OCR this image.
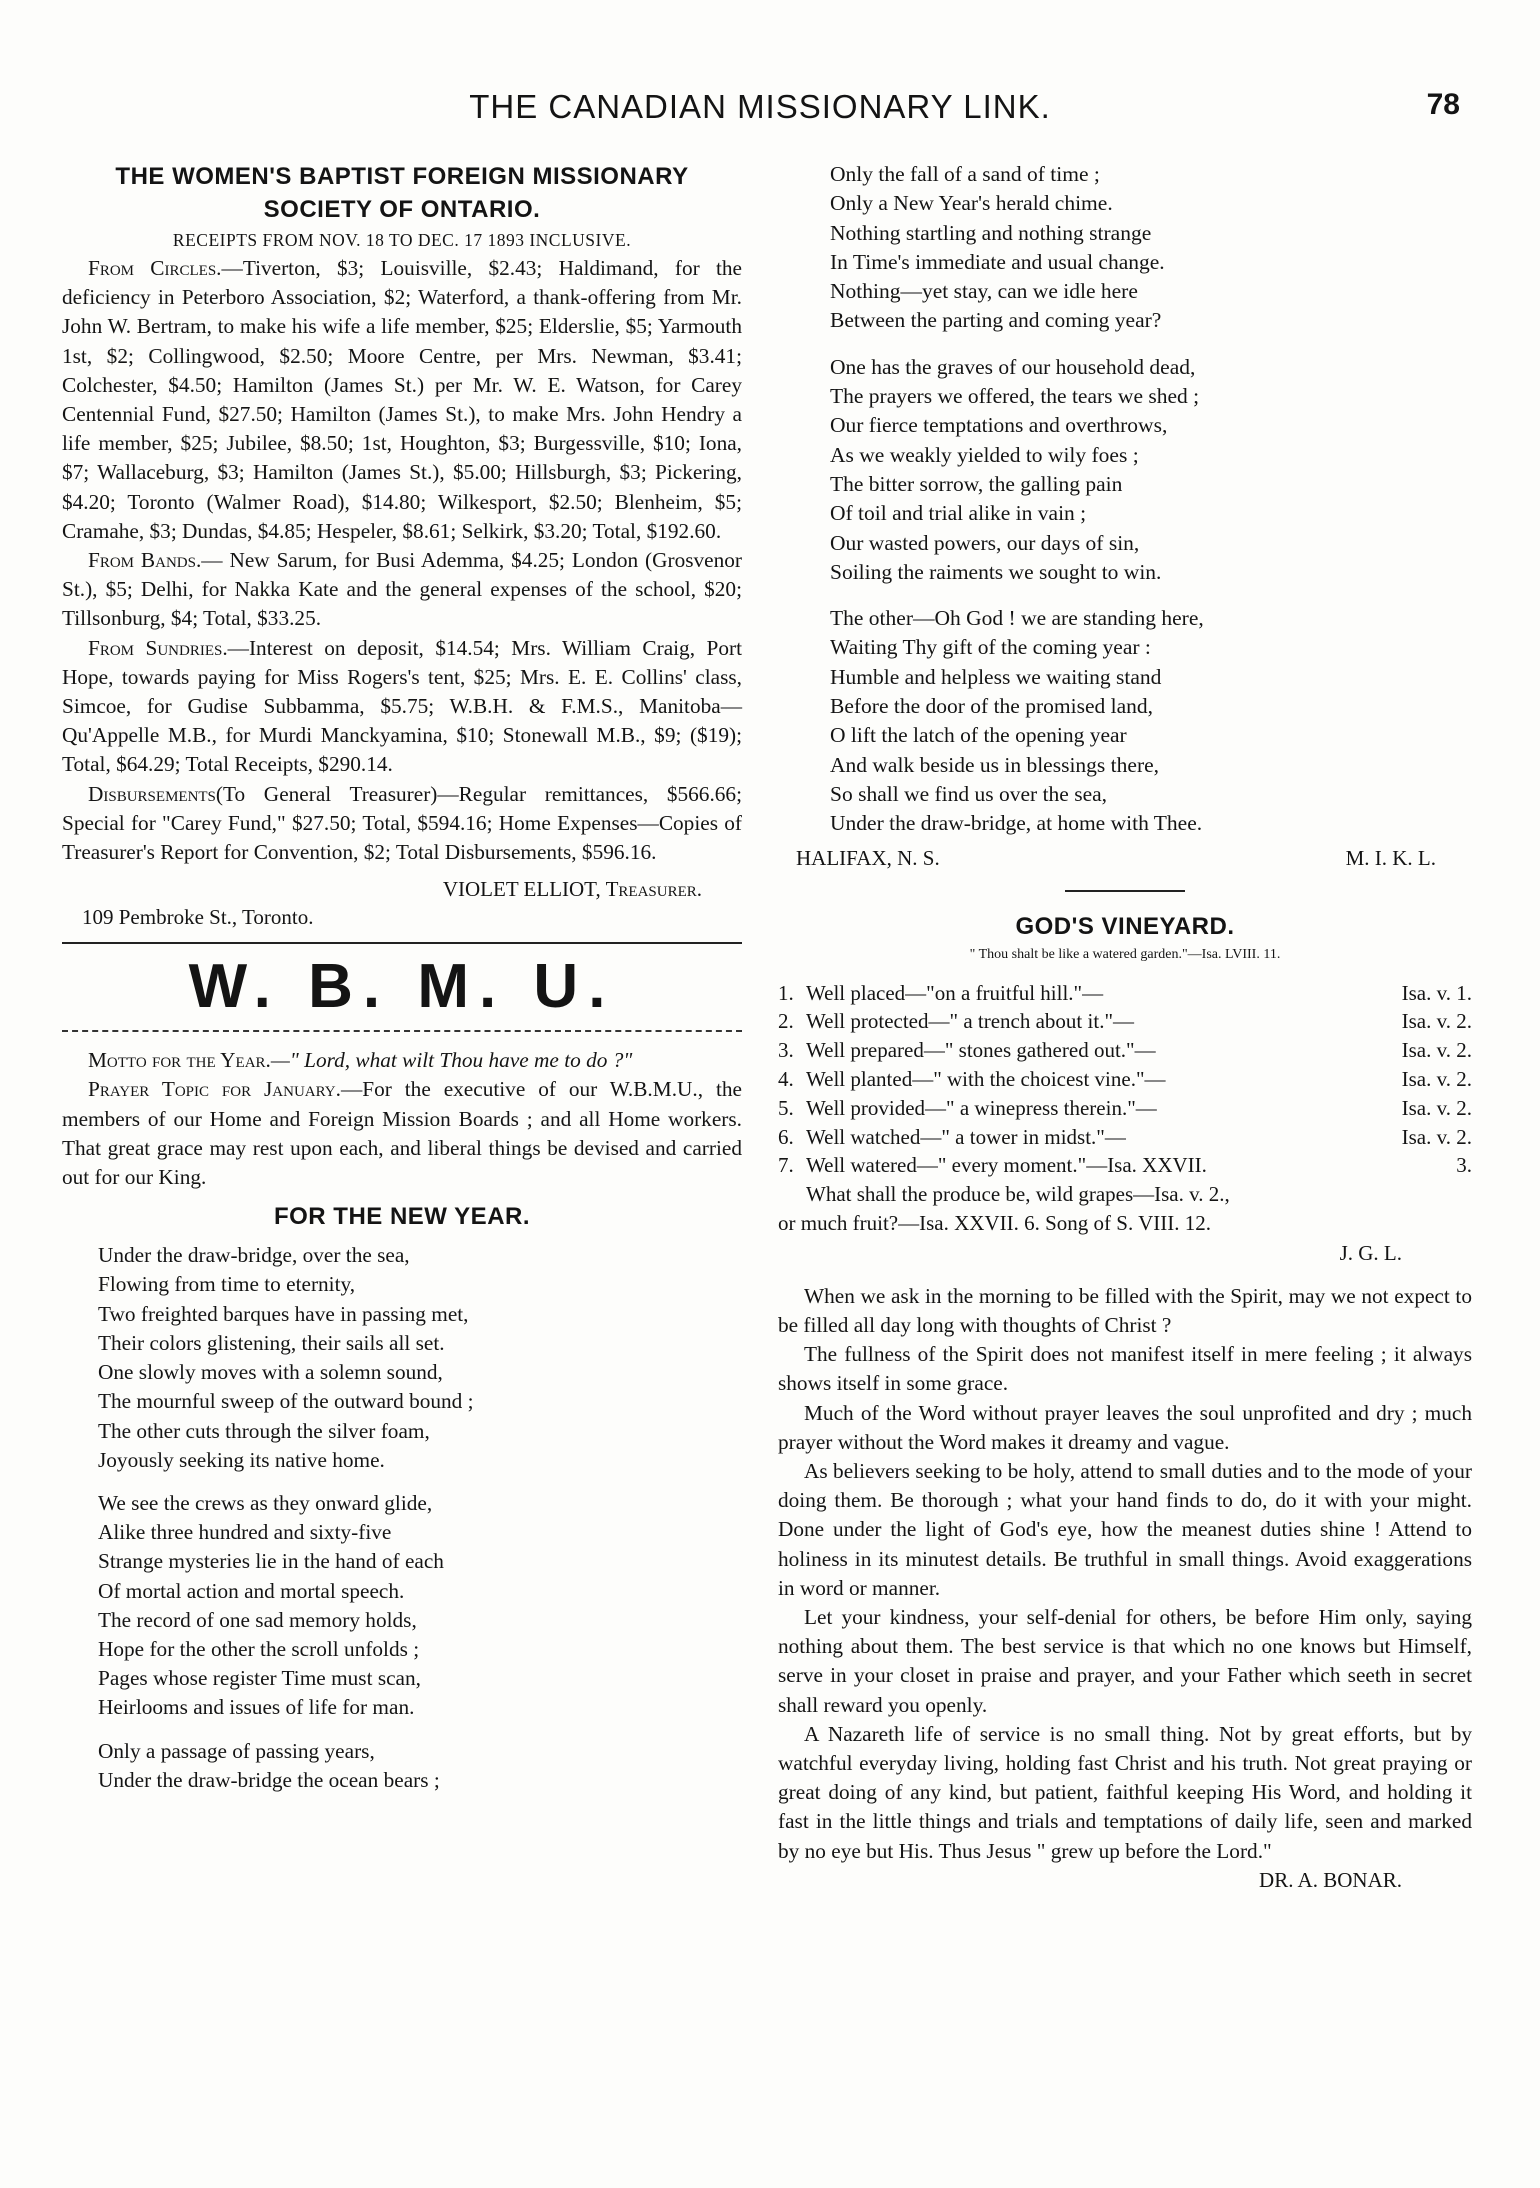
THE CANADIAN MISSIONARY LINK.	78
THE WOMEN'S BAPTIST FOREIGN MISSIONARY
SOCIETY OF ONTARIO.
RECEIPTS FROM NOV. 18 TO DEC. 17 1893 INCLUSIVE.

From Circles.—Tiverton, $3; Louisville, $2.43; Haldimand, for the deficiency in Peterboro Association, $2; Waterford, a thank-offering from Mr. John W. Bertram, to make his wife a life member, $25; Elderslie, $5; Yarmouth 1st, $2; Collingwood, $2.50; Moore Centre, per Mrs. Newman, $3.41; Colchester, $4.50; Hamilton (James St.) per Mr. W. E. Watson, for Carey Centennial Fund, $27.50; Hamilton (James St.), to make Mrs. John Hendry a life member, $25; Jubilee, $8.50; 1st, Houghton, $3; Burgessville, $10; Iona, $7; Wallaceburg, $3; Hamilton (James St.), $5.00; Hillsburgh, $3; Pickering, $4.20; Toronto (Walmer Road), $14.80; Wilkesport, $2.50; Blenheim, $5; Cramahe, $3; Dundas, $4.85; Hespeler, $8.61; Selkirk, $3.20; Total, $192.60.

From Bands.— New Sarum, for Busi Ademma, $4.25; London (Grosvenor St.), $5; Delhi, for Nakka Kate and the general expenses of the school, $20; Tillsonburg, $4; Total, $33.25.

From Sundries.—Interest on deposit, $14.54; Mrs. William Craig, Port Hope, towards paying for Miss Rogers's tent, $25; Mrs. E. E. Collins' class, Simcoe, for Gudise Subbamma, $5.75; W.B.H. & F.M.S., Manitoba—Qu'Appelle M.B., for Murdi Manckyamina, $10; Stonewall M.B., $9; ($19); Total, $64.29; Total Receipts, $290.14.

Disbursements(To General Treasurer)—Regular remittances, $566.66; Special for "Carey Fund," $27.50; Total, $594.16; Home Expenses—Copies of Treasurer's Report for Convention, $2; Total Disbursements, $596.16.

VIOLET ELLIOT, Treasurer.
109 Pembroke St., Toronto.
W. B. M. U.

Motto for the Year.—" Lord, what wilt Thou have me to do ?"

Prayer Topic for January.—For the executive of our W.B.M.U., the members of our Home and Foreign Mission Boards ; and all Home workers. That great grace may rest upon each, and liberal things be devised and carried out for our King.

FOR THE NEW YEAR.
Under the draw-bridge, over the sea,
Flowing from time to eternity,
Two freighted barques have in passing met,
Their colors glistening, their sails all set.
One slowly moves with a solemn sound,
The mournful sweep of the outward bound ;
The other cuts through the silver foam,
Joyously seeking its native home.
We see the crews as they onward glide,
Alike three hundred and sixty-five
Strange mysteries lie in the hand of each
Of mortal action and mortal speech.
The record of one sad memory holds,
Hope for the other the scroll unfolds ;
Pages whose register Time must scan,
Heirlooms and issues of life for man.
Only a passage of passing years,
Under the draw-bridge the ocean bears ;
Only the fall of a sand of time ;
Only a New Year's herald chime.
Nothing startling and nothing strange
In Time's immediate and usual change.
Nothing—yet stay, can we idle here
Between the parting and coming year?
One has the graves of our household dead,
The prayers we offered, the tears we shed ;
Our fierce temptations and overthrows,
As we weakly yielded to wily foes ;
The bitter sorrow, the galling pain
Of toil and trial alike in vain ;
Our wasted powers, our days of sin,
Soiling the raiments we sought to win.
The other—Oh God ! we are standing here,
Waiting Thy gift of the coming year :
Humble and helpless we waiting stand
Before the door of the promised land,
O lift the latch of the opening year
And walk beside us in blessings there,
So shall we find us over the sea,
Under the draw-bridge, at home with Thee.
HALIFAX, N. S.	M. I. K. L.
GOD'S VINEYARD.
" Thou shalt be like a watered garden."—Isa. LVIII. 11.
1. Well placed—"on a fruitful hill."—	Isa. v. 1.
2. Well protected—" a trench about it."—	Isa. v. 2.
3. Well prepared—" stones gathered out."—	Isa. v. 2.
4. Well planted—" with the choicest vine."—	Isa. v. 2.
5. Well provided—" a winepress therein."—	Isa. v. 2.
6. Well watched—" a tower in midst."—	Isa. v. 2.
7. Well watered—" every moment."—Isa. XXVII.	3.
What shall the produce be, wild grapes—Isa. v. 2.,
or much fruit?—Isa. XXVII. 6. Song of S. VIII. 12.
J. G. L.

When we ask in the morning to be filled with the Spirit, may we not expect to be filled all day long with thoughts of Christ ?

The fullness of the Spirit does not manifest itself in mere feeling ; it always shows itself in some grace.

Much of the Word without prayer leaves the soul unprofited and dry ; much prayer without the Word makes it dreamy and vague.

As believers seeking to be holy, attend to small duties and to the mode of your doing them. Be thorough ; what your hand finds to do, do it with your might. Done under the light of God's eye, how the meanest duties shine ! Attend to holiness in its minutest details. Be truthful in small things. Avoid exaggerations in word or manner.

Let your kindness, your self-denial for others, be before Him only, saying nothing about them. The best service is that which no one knows but Himself, serve in your closet in praise and prayer, and your Father which seeth in secret shall reward you openly.

A Nazareth life of service is no small thing. Not by great efforts, but by watchful everyday living, holding fast Christ and his truth. Not great praying or great doing of any kind, but patient, faithful keeping His Word, and holding it fast in the little things and trials and temptations of daily life, seen and marked by no eye but His. Thus Jesus " grew up before the Lord."

DR. A. BONAR.
